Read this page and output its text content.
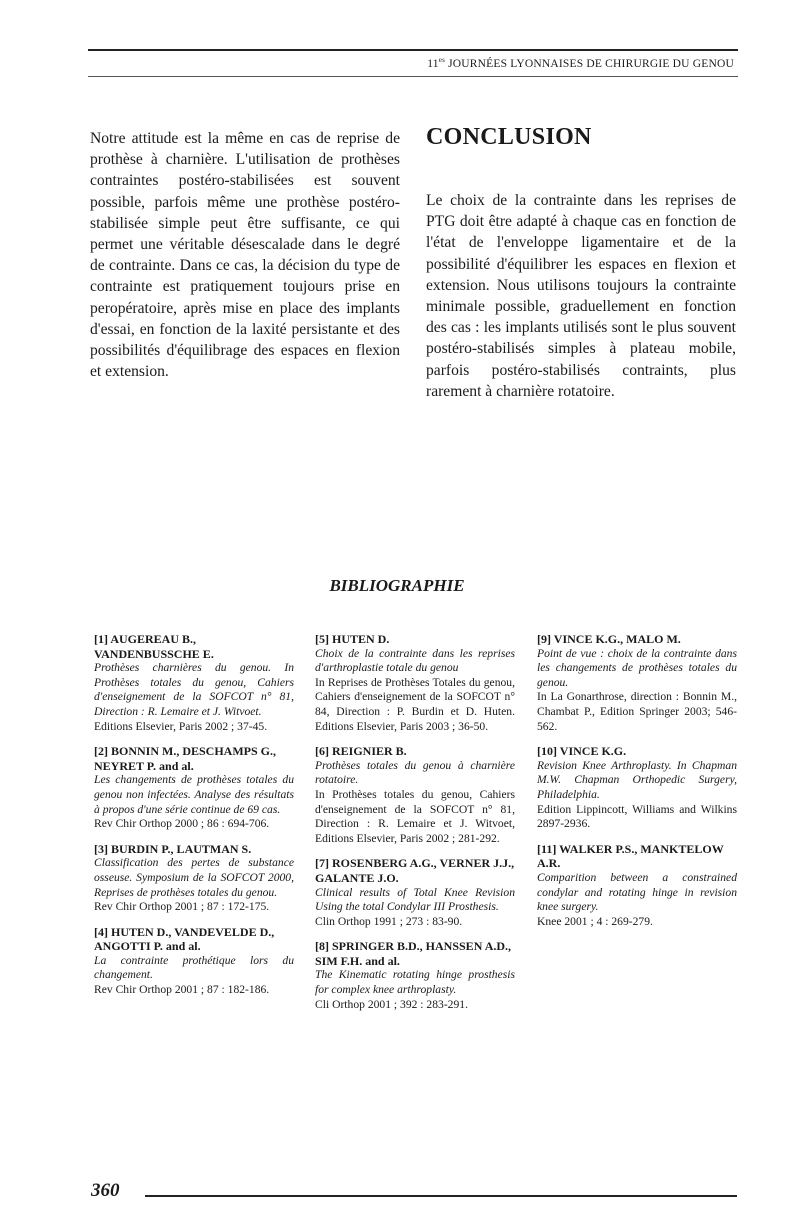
$11^{es}$ JOURNÉES LYONNAISES DE CHIRURGIE DU GENOU
Notre attitude est la même en cas de reprise de prothèse à charnière. L'utilisation de prothèses contraintes postéro-stabilisées est souvent possible, parfois même une prothèse postéro-stabilisée simple peut être suffisante, ce qui permet une véritable désescalade dans le degré de contrainte. Dans ce cas, la décision du type de contrainte est pratiquement toujours prise en peropératoire, après mise en place des implants d'essai, en fonction de la laxité persistante et des possibilités d'équilibrage des espaces en flexion et extension.
CONCLUSION
Le choix de la contrainte dans les reprises de PTG doit être adapté à chaque cas en fonction de l'état de l'enveloppe ligamentaire et de la possibilité d'équilibrer les espaces en flexion et extension. Nous utilisons toujours la contrainte minimale possible, graduellement en fonction des cas : les implants utilisés sont le plus souvent postéro-stabilisés simples à plateau mobile, parfois postéro-stabilisés contraints, plus rarement à charnière rotatoire.
BIBLIOGRAPHIE
[1] AUGEREAU B., VANDENBUSSCHE E.
Prothèses charnières du genou. In Prothèses totales du genou, Cahiers d'enseignement de la SOFCOT n° 81, Direction : R. Lemaire et J. Witvoet.
Editions Elsevier, Paris 2002 ; 37-45.
[2] BONNIN M., DESCHAMPS G., NEYRET P. and al.
Les changements de prothèses totales du genou non infectées. Analyse des résultats à propos d'une série continue de 69 cas.
Rev Chir Orthop 2000 ; 86 : 694-706.
[3] BURDIN P., LAUTMAN S.
Classification des pertes de substance osseuse. Symposium de la SOFCOT 2000, Reprises de prothèses totales du genou.
Rev Chir Orthop 2001 ; 87 : 172-175.
[4] HUTEN D., VANDEVELDE D., ANGOTTI P. and al.
La contrainte prothétique lors du changement.
Rev Chir Orthop 2001 ; 87 : 182-186.
[5] HUTEN D.
Choix de la contrainte dans les reprises d'arthroplastie totale du genou
In Reprises de Prothèses Totales du genou, Cahiers d'enseignement de la SOFCOT n° 84, Direction : P. Burdin et D. Huten. Editions Elsevier, Paris 2003 ; 36-50.
[6] REIGNIER B.
Prothèses totales du genou à charnière rotatoire.
In Prothèses totales du genou, Cahiers d'enseignement de la SOFCOT n° 81, Direction : R. Lemaire et J. Witvoet, Editions Elsevier, Paris 2002 ; 281-292.
[7] ROSENBERG A.G., VERNER J.J., GALANTE J.O.
Clinical results of Total Knee Revision Using the total Condylar III Prosthesis.
Clin Orthop 1991 ; 273 : 83-90.
[8] SPRINGER B.D., HANSSEN A.D., SIM F.H. and al.
The Kinematic rotating hinge prosthesis for complex knee arthroplasty.
Cli Orthop 2001 ; 392 : 283-291.
[9] VINCE K.G., MALO M.
Point de vue : choix de la contrainte dans les changements de prothèses totales du genou.
In La Gonarthrose, direction : Bonnin M., Chambat P., Edition Springer 2003; 546-562.
[10] VINCE K.G.
Revision Knee Arthroplasty. In Chapman M.W. Chapman Orthopedic Surgery, Philadelphia.
Edition Lippincott, Williams and Wilkins 2897-2936.
[11] WALKER P.S., MANKTELOW A.R.
Comparition between a constrained condylar and rotating hinge in revision knee surgery.
Knee 2001 ; 4 : 269-279.
360
